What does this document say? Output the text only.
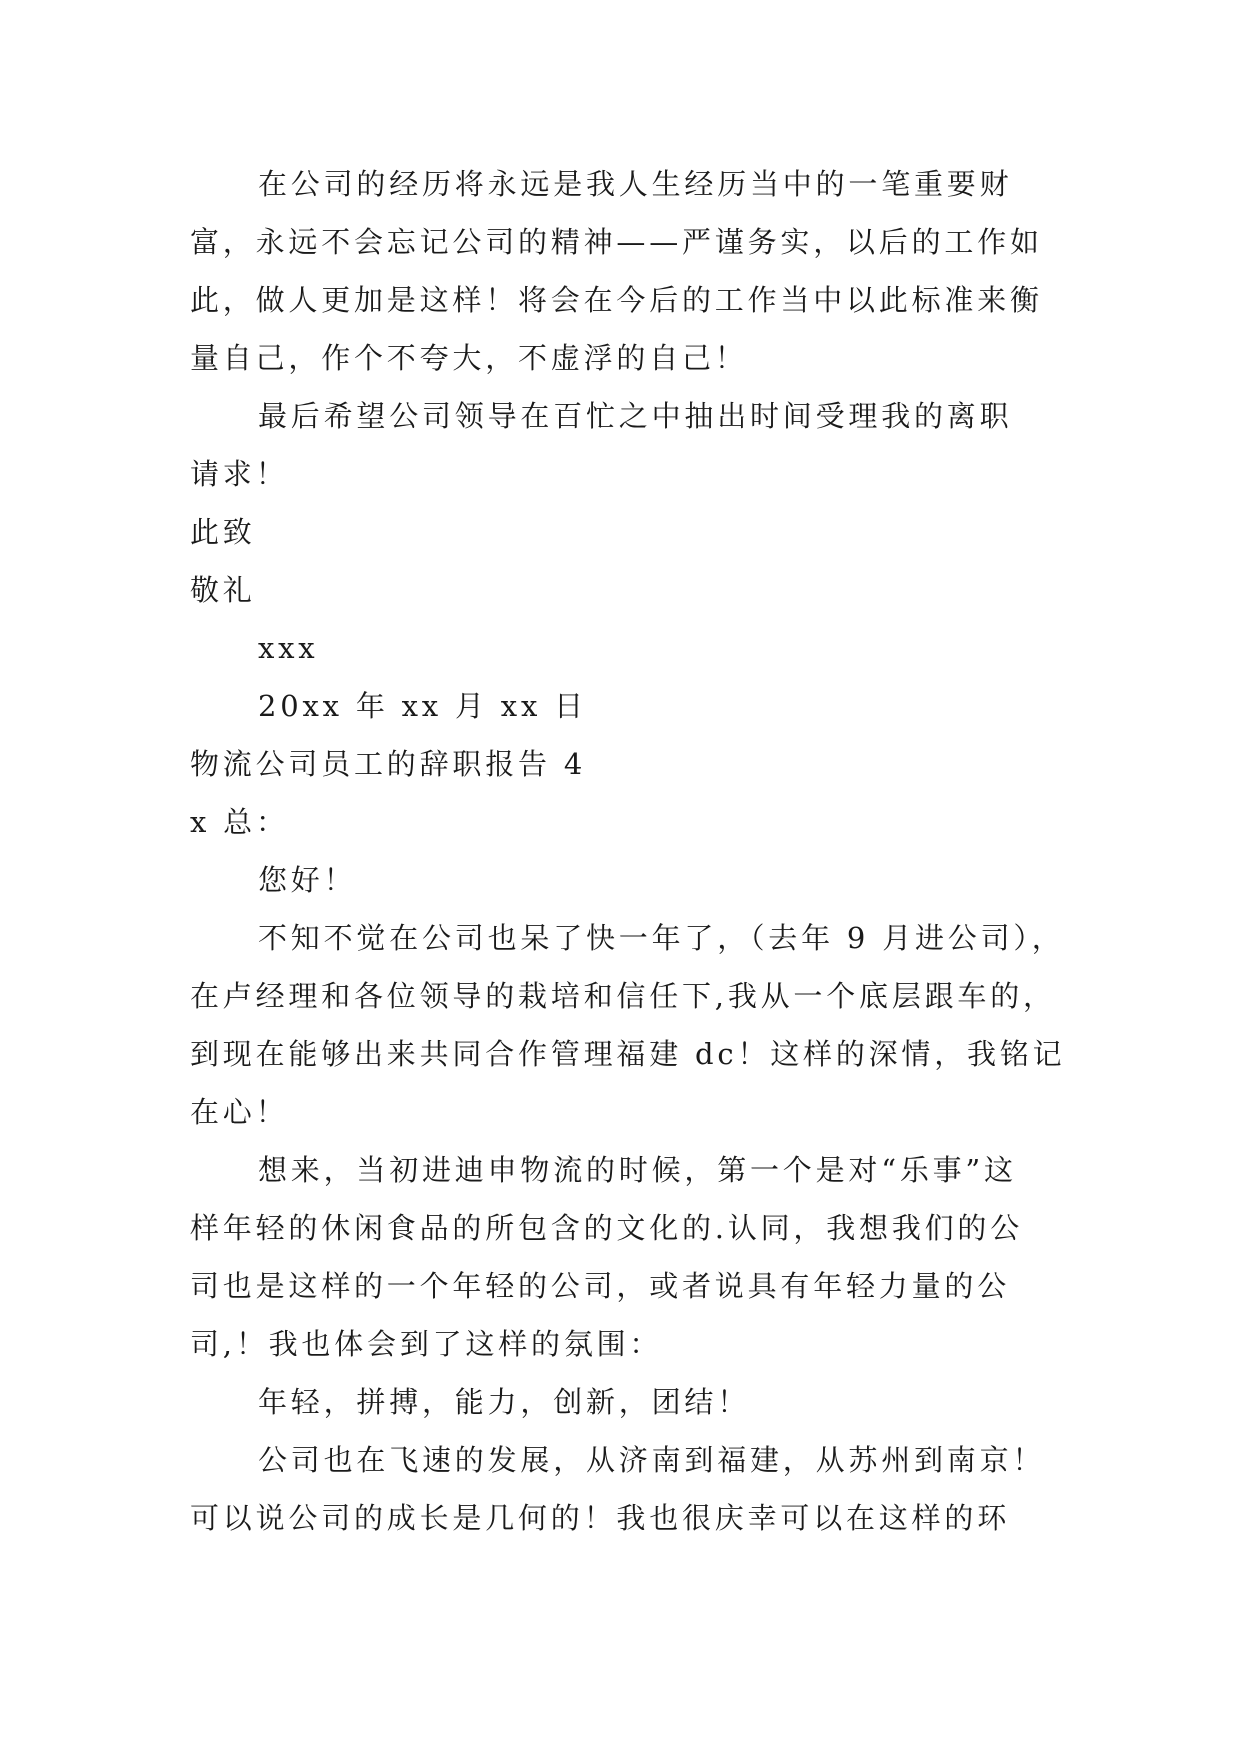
在公司的经历将永远是我人生经历当中的一笔重要财

富，永远不会忘记公司的精神——严谨务实，以后的工作如

此，做人更加是这样！将会在今后的工作当中以此标准来衡

量自己，作个不夸大，不虚浮的自己！

最后希望公司领导在百忙之中抽出时间受理我的离职

请求！

此致

敬礼

xxx

20xx 年 xx 月 xx 日

物流公司员工的辞职报告 4

x 总：

您好！

不知不觉在公司也呆了快一年了，（去年 9 月进公司），

在卢经理和各位领导的栽培和信任下,我从一个底层跟车的，

到现在能够出来共同合作管理福建 dc！这样的深情，我铭记

在心！

想来，当初进迪申物流的时候，第一个是对“乐事”这

样年轻的休闲食品的所包含的文化的.认同，我想我们的公

司也是这样的一个年轻的公司，或者说具有年轻力量的公

司,！我也体会到了这样的氛围：

年轻，拼搏，能力，创新，团结！

公司也在飞速的发展，从济南到福建，从苏州到南京！

可以说公司的成长是几何的！我也很庆幸可以在这样的环
